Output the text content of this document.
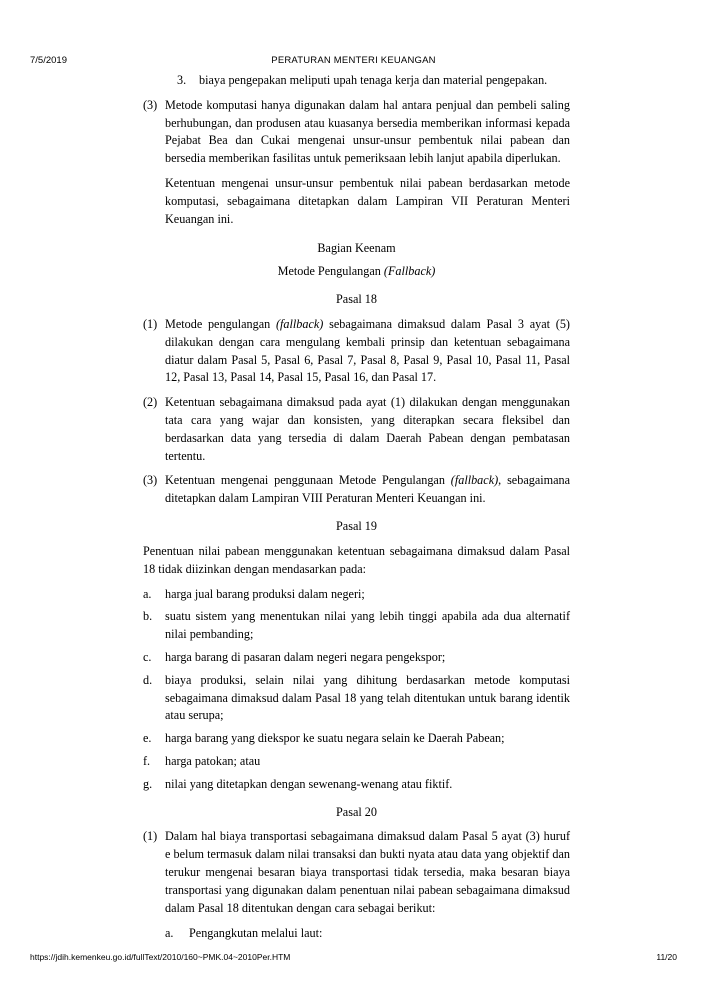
7/5/2019	PERATURAN MENTERI KEUANGAN
3.	biaya pengepakan meliputi upah tenaga kerja dan material pengepakan.
(3) Metode komputasi hanya digunakan dalam hal antara penjual dan pembeli saling berhubungan, dan produsen atau kuasanya bersedia memberikan informasi kepada Pejabat Bea dan Cukai mengenai unsur-unsur pembentuk nilai pabean dan bersedia memberikan fasilitas untuk pemeriksaan lebih lanjut apabila diperlukan.

Ketentuan mengenai unsur-unsur pembentuk nilai pabean berdasarkan metode komputasi, sebagaimana ditetapkan dalam Lampiran VII Peraturan Menteri Keuangan ini.

Bagian Keenam

Metode Pengulangan (Fallback)

Pasal 18

(1) Metode pengulangan (fallback) sebagaimana dimaksud dalam Pasal 3 ayat (5) dilakukan dengan cara mengulang kembali prinsip dan ketentuan sebagaimana diatur dalam Pasal 5, Pasal 6, Pasal 7, Pasal 8, Pasal 9, Pasal 10, Pasal 11, Pasal 12, Pasal 13, Pasal 14, Pasal 15, Pasal 16, dan Pasal 17.
(2) Ketentuan sebagaimana dimaksud pada ayat (1) dilakukan dengan menggunakan tata cara yang wajar dan konsisten, yang diterapkan secara fleksibel dan berdasarkan data yang tersedia di dalam Daerah Pabean dengan pembatasan tertentu.
(3) Ketentuan mengenai penggunaan Metode Pengulangan (fallback), sebagaimana ditetapkan dalam Lampiran VIII Peraturan Menteri Keuangan ini.

Pasal 19

Penentuan nilai pabean menggunakan ketentuan sebagaimana dimaksud dalam Pasal 18 tidak diizinkan dengan mendasarkan pada:

a.	harga jual barang produksi dalam negeri;
b.	suatu sistem yang menentukan nilai yang lebih tinggi apabila ada dua alternatif nilai pembanding;
c.	harga barang di pasaran dalam negeri negara pengekspor;
d.	biaya produksi, selain nilai yang dihitung berdasarkan metode komputasi sebagaimana dimaksud dalam Pasal 18 yang telah ditentukan untuk barang identik atau serupa;
e.	harga barang yang diekspor ke suatu negara selain ke Daerah Pabean;
f.	harga patokan; atau
g.	nilai yang ditetapkan dengan sewenang-wenang atau fiktif.

Pasal 20

(1) Dalam hal biaya transportasi sebagaimana dimaksud dalam Pasal 5 ayat (3) huruf e belum termasuk dalam nilai transaksi dan bukti nyata atau data yang objektif dan terukur mengenai besaran biaya transportasi tidak tersedia, maka besaran biaya transportasi yang digunakan dalam penentuan nilai pabean sebagaimana dimaksud dalam Pasal 18 ditentukan dengan cara sebagai berikut:
a.	Pengangkutan melalui laut:
https://jdih.kemenkeu.go.id/fullText/2010/160~PMK.04~2010Per.HTM	11/20
